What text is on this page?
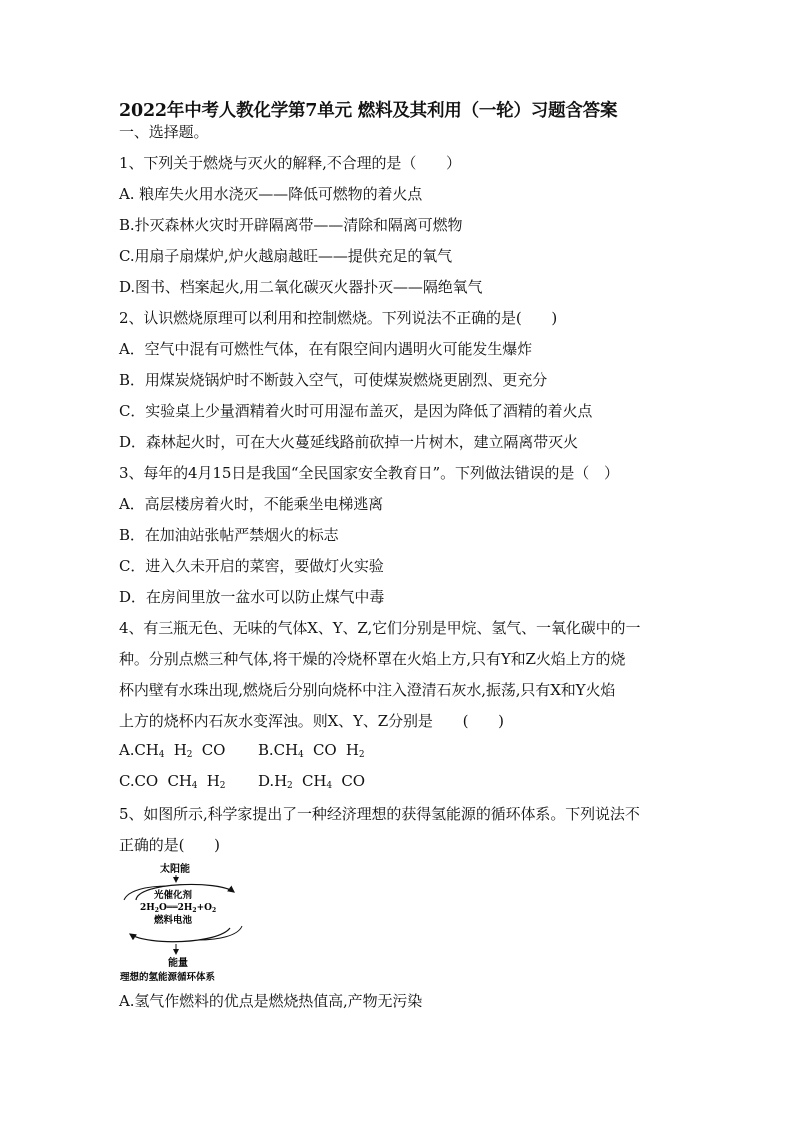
2022年中考人教化学第7单元 燃料及其利用（一轮）习题含答案
一、选择题。
1、下列关于燃烧与灭火的解释,不合理的是（　　）
A. 粮库失火用水浇灭——降低可燃物的着火点
B.扑灭森林火灾时开辟隔离带——清除和隔离可燃物
C.用扇子扇煤炉,炉火越扇越旺——提供充足的氧气
D.图书、档案起火,用二氧化碳灭火器扑灭——隔绝氧气
2、认识燃烧原理可以利用和控制燃烧。下列说法不正确的是(　　)
A．空气中混有可燃性气体，在有限空间内遇明火可能发生爆炸
B．用煤炭烧锅炉时不断鼓入空气，可使煤炭燃烧更剧烈、更充分
C．实验桌上少量酒精着火时可用湿布盖灭，是因为降低了酒精的着火点
D．森林起火时，可在大火蔓延线路前砍掉一片树木，建立隔离带灭火
3、每年的4月15日是我国“全民国家安全教育日”。下列做法错误的是（　）
A．高层楼房着火时，不能乘坐电梯逃离
B．在加油站张帖严禁烟火的标志
C．进入久未开启的菜窖，要做灯火实验
D．在房间里放一盆水可以防止煤气中毒
4、有三瓶无色、无味的气体X、Y、Z,它们分别是甲烷、氢气、一氧化碳中的一
种。分别点燃三种气体,将干燥的冷烧杯罩在火焰上方,只有Y和Z火焰上方的烧
杯内壁有水珠出现,燃烧后分别向烧杯中注入澄清石灰水,振荡,只有X和Y火焰
上方的烧杯内石灰水变浑浊。则X、Y、Z分别是　　(　　)
$A.CH_4$ $H_2$ CO $B.CH_4$ CO $H_2$
C.CO $CH_4$ $H_2$ $D.H_2$ $CH_4$ CO
5、如图所示,科学家提出了一种经济理想的获得氢能源的循环体系。下列说法不
正确的是(　　)
太阳能
光催化剂
$2H_2O══2H_2+O_2$
燃料电池
能量
理想的氢能源循环体系
A.氢气作燃料的优点是燃烧热值高,产物无污染
